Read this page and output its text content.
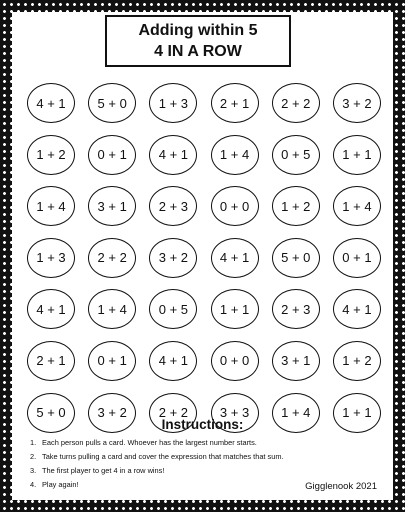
Adding within 5
4 IN A ROW
4 + 1	5 + 0	1 + 3	2 + 1	2 + 2	3 + 2
1 + 2	0 + 1	4 + 1	1 + 4	0 + 5	1 + 1
1 + 4	3 + 1	2 + 3	0 + 0	1 + 2	1 + 4
1 + 3	2 + 2	3 + 2	4 + 1	5 + 0	0 + 1
4 + 1	1 + 4	0 + 5	1 + 1	2 + 3	4 + 1
2 + 1	0 + 1	4 + 1	0 + 0	3 + 1	1 + 2
5 + 0	3 + 2	2 + 2	3 + 3	1 + 4	1 + 1
Instructions:
1. Each person pulls a card. Whoever has the largest number starts.
2. Take turns pulling a card and cover the expression that matches that sum.
3. The first player to get 4 in a row wins!
4. Play again!	Gigglenook 2021
